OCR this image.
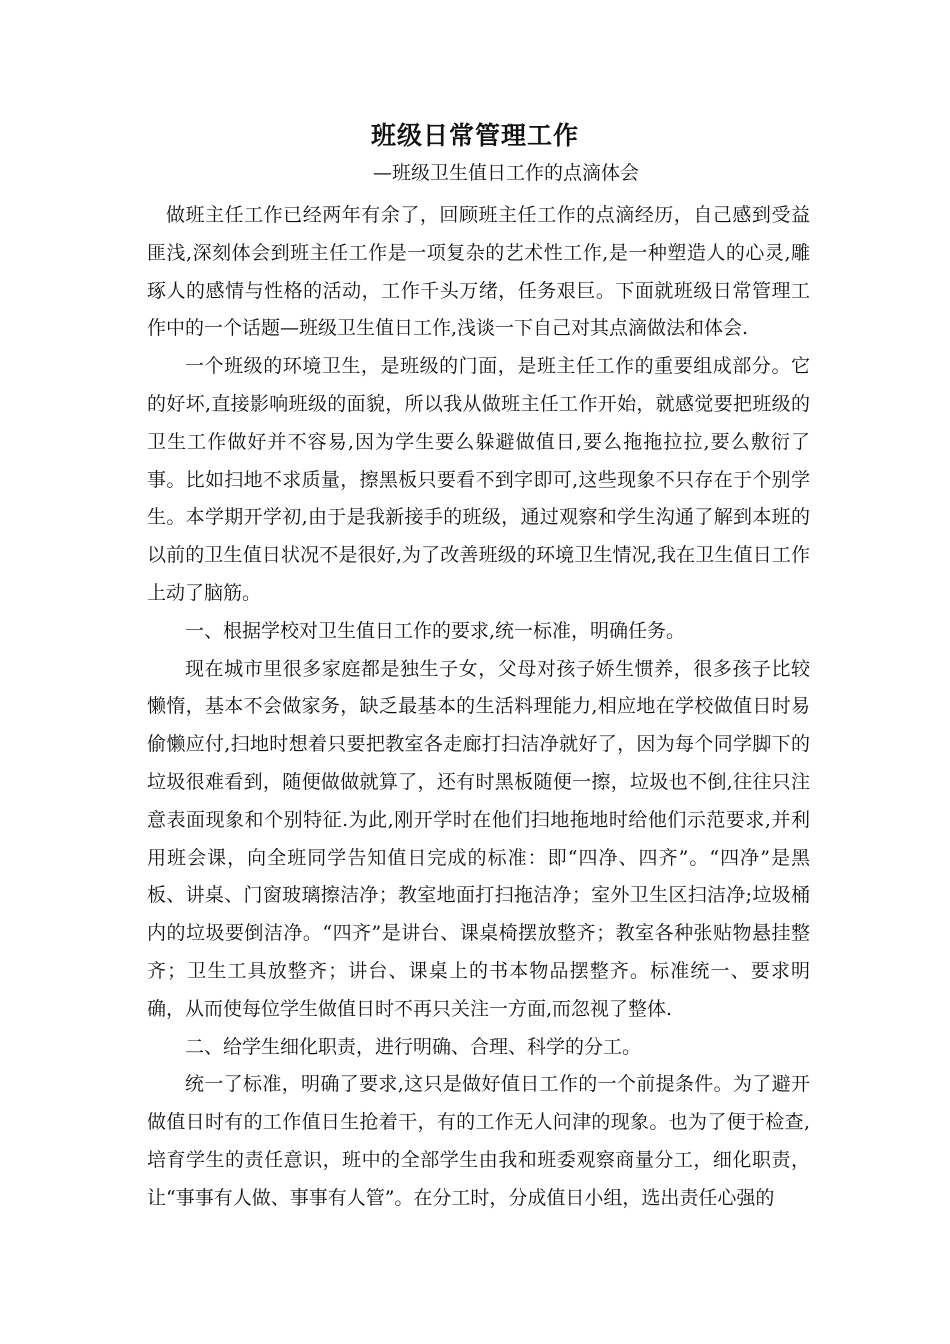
班级日常管理工作
—班级卫生值日工作的点滴体会

做班主任工作已经两年有余了，回顾班主任工作的点滴经历，自己感到受益匪浅,深刻体会到班主任工作是一项复杂的艺术性工作,是一种塑造人的心灵,雕琢人的感情与性格的活动，工作千头万绪，任务艰巨。下面就班级日常管理工作中的一个话题—班级卫生值日工作,浅谈一下自己对其点滴做法和体会.

一个班级的环境卫生，是班级的门面，是班主任工作的重要组成部分。它的好坏,直接影响班级的面貌，所以我从做班主任工作开始，就感觉要把班级的卫生工作做好并不容易,因为学生要么躲避做值日,要么拖拖拉拉,要么敷衍了事。比如扫地不求质量，擦黑板只要看不到字即可,这些现象不只存在于个别学生。本学期开学初,由于是我新接手的班级，通过观察和学生沟通了解到本班的以前的卫生值日状况不是很好,为了改善班级的环境卫生情况,我在卫生值日工作上动了脑筋。

一、根据学校对卫生值日工作的要求,统一标准，明确任务。

现在城市里很多家庭都是独生子女，父母对孩子娇生惯养，很多孩子比较懒惰，基本不会做家务，缺乏最基本的生活料理能力,相应地在学校做值日时易偷懒应付,扫地时想着只要把教室各走廊打扫洁净就好了，因为每个同学脚下的垃圾很难看到，随便做做就算了，还有时黑板随便一擦，垃圾也不倒,往往只注意表面现象和个别特征.为此,刚开学时在他们扫地拖地时给他们示范要求,并利用班会课，向全班同学告知值日完成的标准：即“四净、四齐”。“四净”是黑板、讲桌、门窗玻璃擦洁净；教室地面打扫拖洁净；室外卫生区扫洁净;垃圾桶内的垃圾要倒洁净。“四齐”是讲台、课桌椅摆放整齐；教室各种张贴物悬挂整齐；卫生工具放整齐；讲台、课桌上的书本物品摆整齐。标准统一、要求明确，从而使每位学生做值日时不再只关注一方面,而忽视了整体.

二、给学生细化职责，进行明确、合理、科学的分工。

统一了标准，明确了要求,这只是做好值日工作的一个前提条件。为了避开做值日时有的工作值日生抢着干，有的工作无人问津的现象。也为了便于检查,培育学生的责任意识，班中的全部学生由我和班委观察商量分工，细化职责，让“事事有人做、事事有人管”。在分工时，分成值日小组，选出责任心强的
